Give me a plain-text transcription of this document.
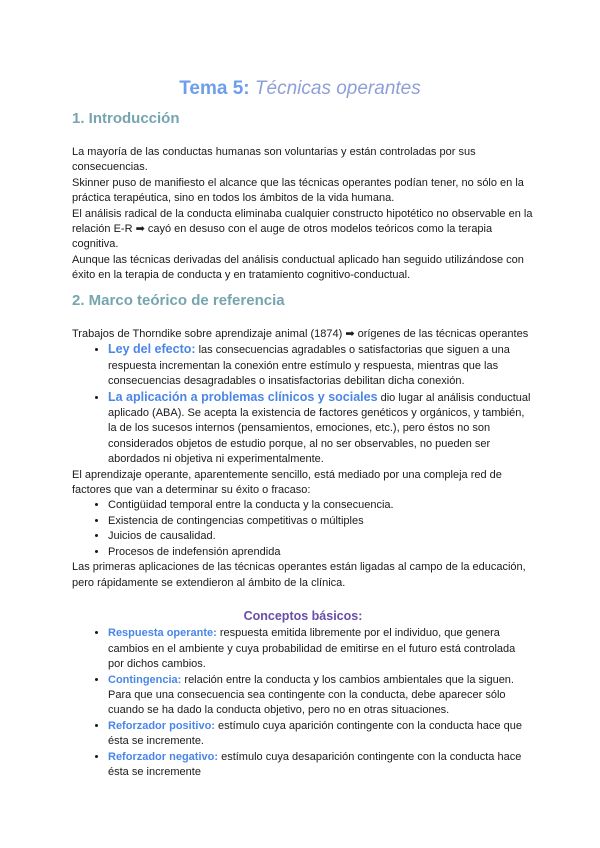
Tema 5: Técnicas operantes
1. Introducción

La mayoría de las conductas humanas son voluntarias y están controladas por sus consecuencias.

Skinner puso de manifiesto el alcance que las técnicas operantes podían tener, no sólo en la práctica terapéutica, sino en todos los ámbitos de la vida humana.

El análisis radical de la conducta eliminaba cualquier constructo hipotético no observable en la relación E-R ➡ cayó en desuso con el auge de otros modelos teóricos como la terapia cognitiva.

Aunque las técnicas derivadas del análisis conductual aplicado han seguido utilizándose con éxito en la terapia de conducta y en tratamiento cognitivo-conductual.

2. Marco teórico de referencia

Trabajos de Thorndike sobre aprendizaje animal (1874) ➡ orígenes de las técnicas operantes

• Ley del efecto: las consecuencias agradables o satisfactorias que siguen a una respuesta incrementan la conexión entre estímulo y respuesta, mientras que las consecuencias desagradables o insatisfactorias debilitan dicha conexión.
• La aplicación a problemas clínicos y sociales dio lugar al análisis conductual aplicado (ABA). Se acepta la existencia de factores genéticos y orgánicos, y también, la de los sucesos internos (pensamientos, emociones, etc.), pero éstos no son considerados objetos de estudio porque, al no ser observables, no pueden ser abordados ni objetiva ni experimentalmente.

El aprendizaje operante, aparentemente sencillo, está mediado por una compleja red de factores que van a determinar su éxito o fracaso:

• Contigüidad temporal entre la conducta y la consecuencia.
• Existencia de contingencias competitivas o múltiples
• Juicios de causalidad.
• Procesos de indefensión aprendida

Las primeras aplicaciones de las técnicas operantes están ligadas al campo de la educación, pero rápidamente se extendieron al ámbito de la clínica.

Conceptos básicos:
• Respuesta operante: respuesta emitida libremente por el individuo, que genera cambios en el ambiente y cuya probabilidad de emitirse en el futuro está controlada por dichos cambios.
• Contingencia: relación entre la conducta y los cambios ambientales que la siguen. Para que una consecuencia sea contingente con la conducta, debe aparecer sólo cuando se ha dado la conducta objetivo, pero no en otras situaciones.
• Reforzador positivo: estímulo cuya aparición contingente con la conducta hace que ésta se incremente.
• Reforzador negativo: estímulo cuya desaparición contingente con la conducta hace ésta se incremente
